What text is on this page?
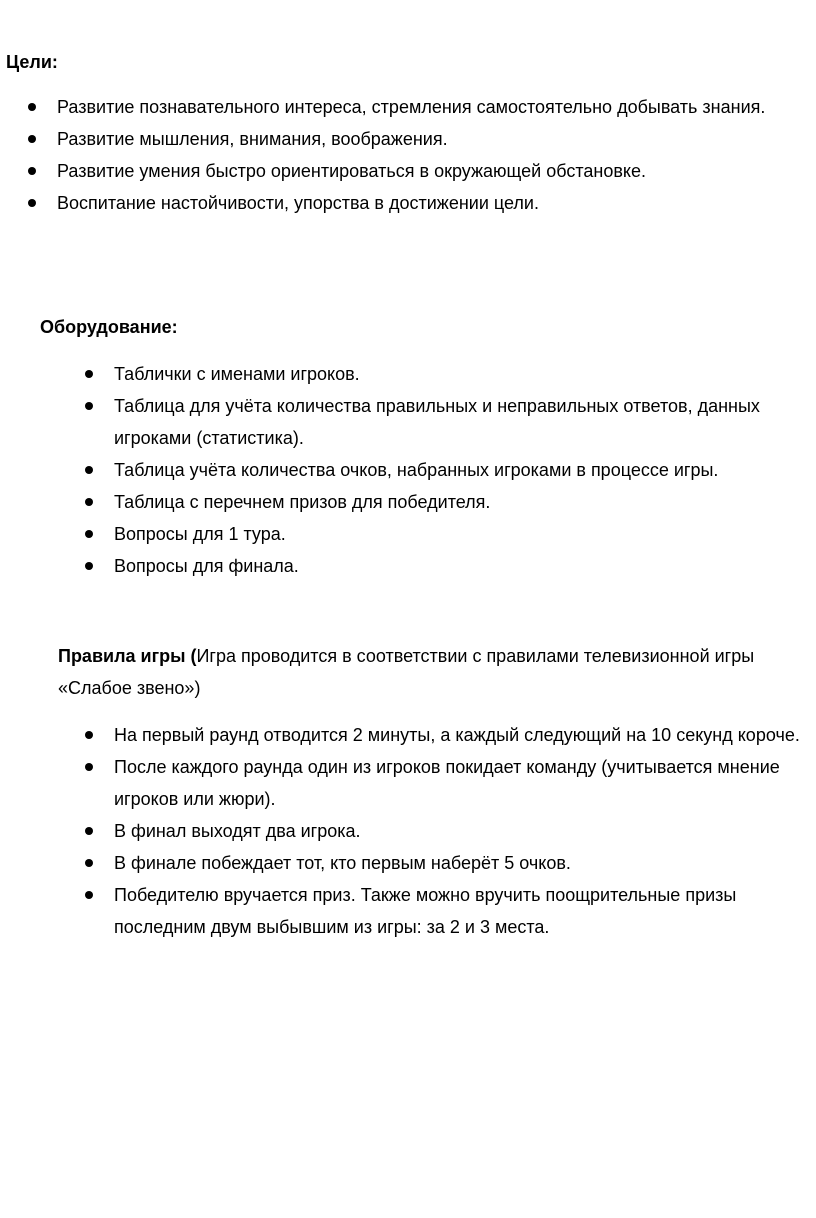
Цели:

Развитие познавательного интереса, стремления самостоятельно добывать знания.
Развитие мышления, внимания, воображения.
Развитие умения быстро ориентироваться в окружающей обстановке.
Воспитание настойчивости, упорства в достижении цели.

Оборудование:

Таблички с именами игроков.
Таблица для учёта количества правильных и неправильных ответов, данных игроками (статистика).
Таблица учёта количества очков, набранных игроками в процессе игры.
Таблица с перечнем призов для победителя.
Вопросы для 1 тура.
Вопросы для финала.

Правила игры (Игра проводится в соответствии с правилами телевизионной игры «Слабое звено»)

На первый раунд отводится 2 минуты, а каждый следующий на 10 секунд короче.
После каждого раунда один из игроков покидает команду (учитывается мнение игроков или жюри).
В финал выходят два игрока.
В финале побеждает тот, кто первым наберёт 5 очков.
Победителю вручается приз. Также можно вручить поощрительные призы последним двум выбывшим из игры: за 2 и 3 места.
